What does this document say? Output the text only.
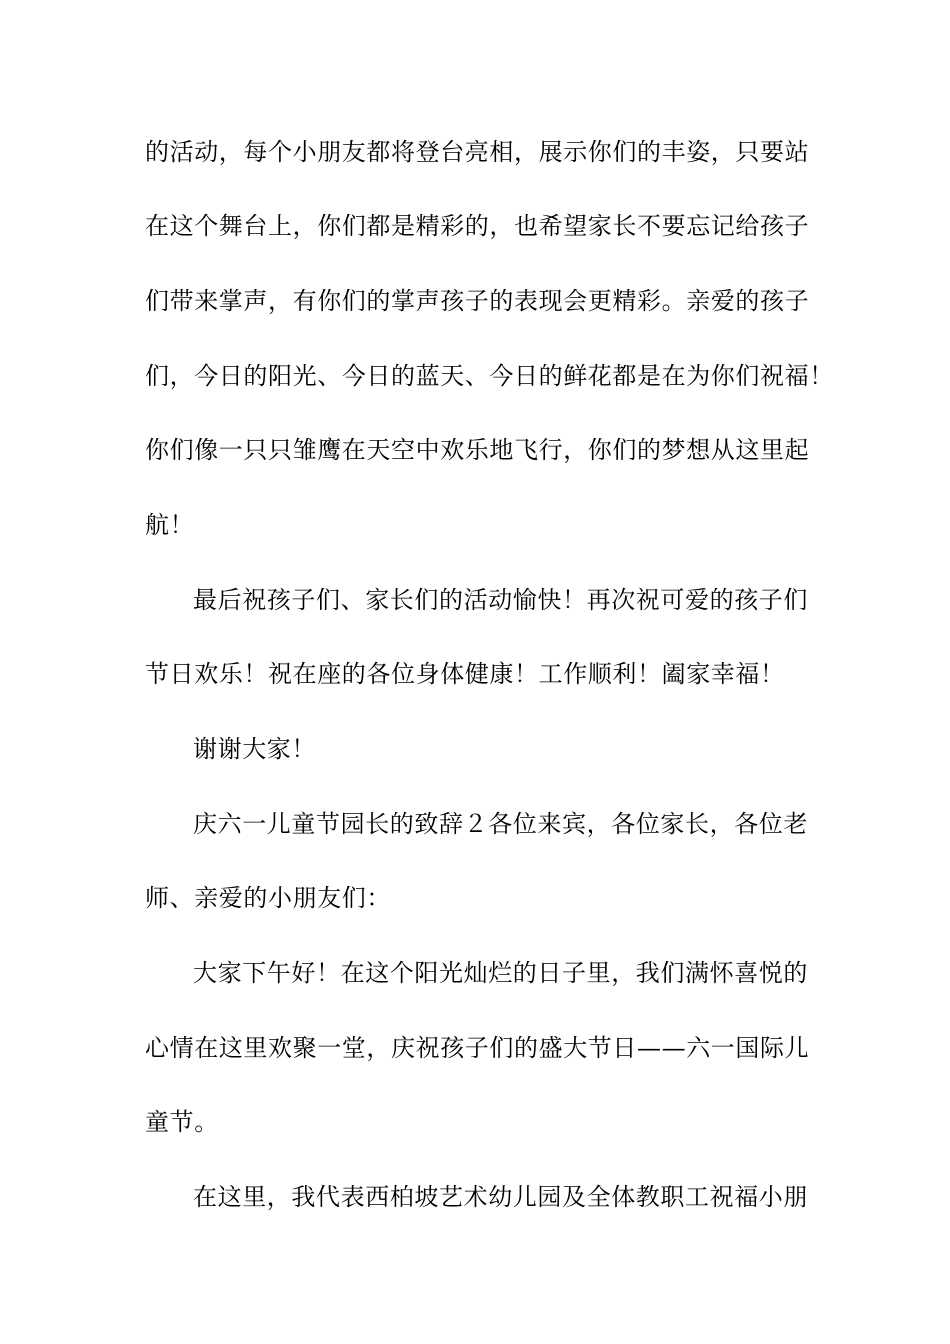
的活动，每个小朋友都将登台亮相，展示你们的丰姿，只要站
在这个舞台上，你们都是精彩的，也希望家长不要忘记给孩子
们带来掌声，有你们的掌声孩子的表现会更精彩。亲爱的孩子
们，今日的阳光、今日的蓝天、今日的鲜花都是在为你们祝福！
你们像一只只雏鹰在天空中欢乐地飞行，你们的梦想从这里起
航！
最后祝孩子们、家长们的活动愉快！再次祝可爱的孩子们
节日欢乐！祝在座的各位身体健康！工作顺利！阖家幸福！
谢谢大家！
庆六一儿童节园长的致辞２各位来宾，各位家长，各位老
师、亲爱的小朋友们：
大家下午好！在这个阳光灿烂的日子里，我们满怀喜悦的
心情在这里欢聚一堂，庆祝孩子们的盛大节日——六一国际儿
童节。
在这里，我代表西柏坡艺术幼儿园及全体教职工祝福小朋
